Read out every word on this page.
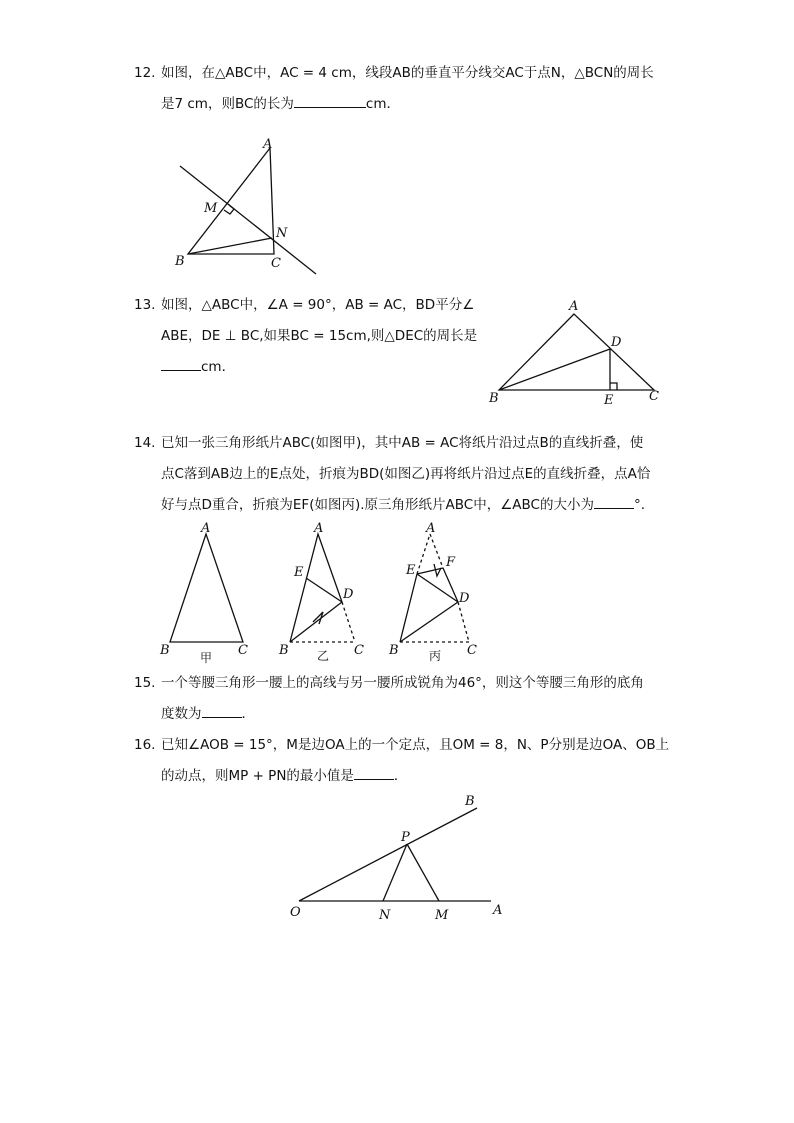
12. 如图，在△ABC中，AC = 4 cm，线段AB的垂直平分线交AC于点N，△BCN的周长
是7 cm，则BC的长为	cm．
A
M
N
B	C
13. 如图，△ABC中，∠A = 90°，AB = AC，BD平分∠
ABE，DE ⊥ BC,如果BC = 15cm,则△DEC的周长是
cm．
A
D
B	E	C
14. 已知一张三角形纸片ABC(如图甲)，其中AB = AC将纸片沿过点B的直线折叠，使
点C落到AB边上的E点处，折痕为BD(如图乙)再将纸片沿过点E的直线折叠，点A恰
好与点D重合，折痕为EF(如图丙).原三角形纸片ABC中，∠ABC的大小为	°.
A
B	C
甲
A
E
D
B	C
乙
A
F
E
D
B	C
丙
15. 一个等腰三角形一腰上的高线与另一腰所成锐角为46°，则这个等腰三角形的底角
度数为	．
16. 已知∠AOB = 15°，M是边OA上的一个定点，且OM = 8，N、P分别是边OA、OB上
的动点，则MP + PN的最小值是	．
B
P
O	N	M	A
